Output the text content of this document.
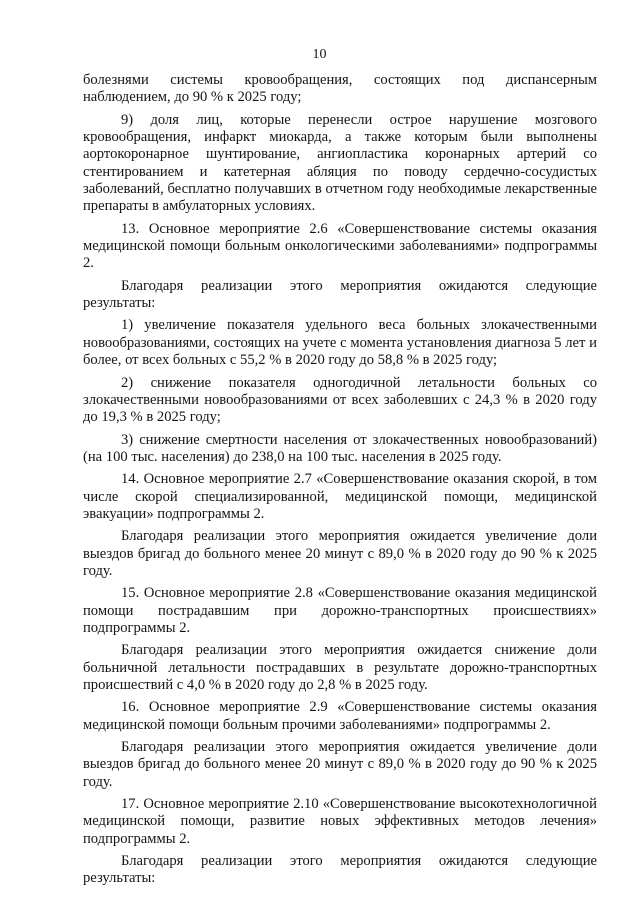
10

болезнями системы кровообращения, состоящих под диспансерным наблюдением, до 90 % к 2025 году;

9) доля лиц, которые перенесли острое нарушение мозгового кровообращения, инфаркт миокарда, а также которым были выполнены аортокоронарное шунтирование, ангиопластика коронарных артерий со стентированием и катетерная абляция по поводу сердечно-сосудистых заболеваний, бесплатно получавших в отчетном году необходимые лекарственные препараты в амбулаторных условиях.

13. Основное мероприятие 2.6 «Совершенствование системы оказания медицинской помощи больным онкологическими заболеваниями» подпрограммы 2.

Благодаря реализации этого мероприятия ожидаются следующие результаты:

1) увеличение показателя удельного веса больных злокачественными новообразованиями, состоящих на учете с момента установления диагноза 5 лет и более, от всех больных с 55,2 % в 2020 году до 58,8 % в 2025 году;

2) снижение показателя одногодичной летальности больных со злокачественными новообразованиями от всех заболевших с 24,3 % в 2020 году до 19,3 % в 2025 году;

3) снижение смертности населения от злокачественных новообразований) (на 100 тыс. населения) до 238,0 на 100 тыс. населения в 2025 году.

14. Основное мероприятие 2.7 «Совершенствование оказания скорой, в том числе скорой специализированной, медицинской помощи, медицинской эвакуации» подпрограммы 2.

Благодаря реализации этого мероприятия ожидается увеличение доли выездов бригад до больного менее 20 минут с 89,0 % в 2020 году до 90 % к 2025 году.

15. Основное мероприятие 2.8 «Совершенствование оказания медицинской помощи пострадавшим при дорожно-транспортных происшествиях» подпрограммы 2.

Благодаря реализации этого мероприятия ожидается снижение доли больничной летальности пострадавших в результате дорожно-транспортных происшествий с 4,0 % в 2020 году до 2,8 % в 2025 году.

16. Основное мероприятие 2.9 «Совершенствование системы оказания медицинской помощи больным прочими заболеваниями» подпрограммы 2.

Благодаря реализации этого мероприятия ожидается увеличение доли выездов бригад до больного менее 20 минут с 89,0 % в 2020 году до 90 % к 2025 году.

17. Основное мероприятие 2.10 «Совершенствование высокотехнологичной медицинской помощи, развитие новых эффективных методов лечения» подпрограммы 2.

Благодаря реализации этого мероприятия ожидаются следующие результаты:
